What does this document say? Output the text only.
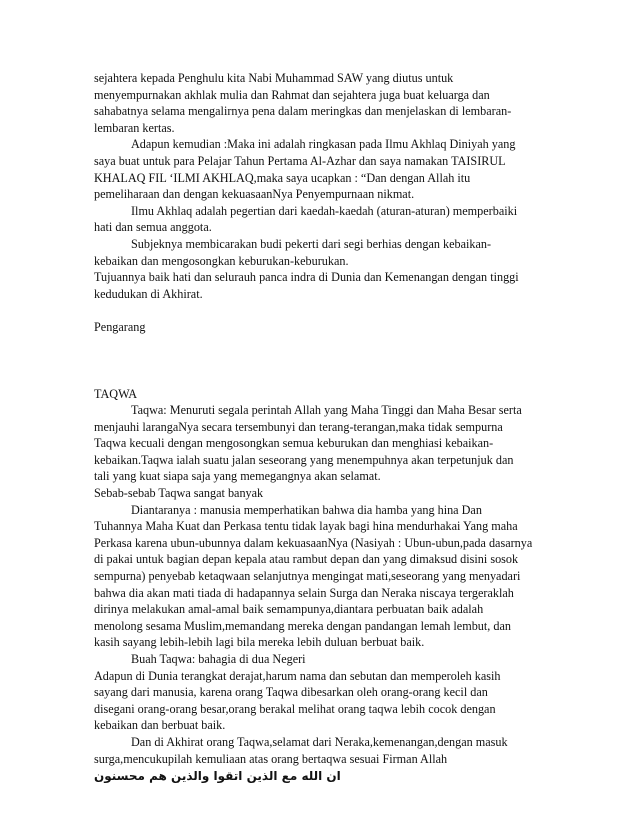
sejahtera kepada Penghulu kita Nabi Muhammad SAW yang diutus untuk

menyempurnakan akhlak mulia dan Rahmat dan sejahtera juga buat keluarga dan

sahabatnya selama mengalirnya pena dalam meringkas dan menjelaskan di lembaran-

lembaran kertas.

Adapun kemudian :Maka ini adalah ringkasan pada Ilmu Akhlaq Diniyah yang

saya buat untuk para Pelajar Tahun Pertama Al-Azhar dan saya namakan TAISIRUL

KHALAQ FIL ‘ILMI AKHLAQ,maka saya ucapkan : “Dan dengan Allah itu

pemeliharaan dan dengan kekuasaanNya Penyempurnaan nikmat.

Ilmu Akhlaq adalah pegertian dari kaedah-kaedah (aturan-aturan) memperbaiki

hati dan semua anggota.

Subjeknya membicarakan budi pekerti dari segi berhias dengan kebaikan-

kebaikan dan mengosongkan keburukan-keburukan.

Tujuannya baik hati dan selurauh panca indra di Dunia dan Kemenangan dengan tinggi

kedudukan di Akhirat.

Pengarang

TAQWA

Taqwa: Menuruti segala perintah Allah yang Maha Tinggi dan Maha Besar serta

menjauhi larangaNya secara tersembunyi dan terang-terangan,maka tidak sempurna

Taqwa kecuali dengan mengosongkan semua keburukan dan menghiasi kebaikan-

kebaikan.Taqwa ialah suatu jalan seseorang yang menempuhnya akan terpetunjuk dan

tali yang kuat siapa saja yang memegangnya akan selamat.

Sebab-sebab Taqwa sangat banyak

Diantaranya : manusia memperhatikan bahwa dia hamba yang hina Dan

Tuhannya Maha Kuat dan Perkasa tentu tidak layak bagi hina mendurhakai Yang maha

Perkasa karena ubun-ubunnya dalam kekuasaanNya (Nasiyah : Ubun-ubun,pada dasarnya

di pakai untuk bagian depan kepala atau rambut depan dan yang dimaksud disini sosok

sempurna) penyebab ketaqwaan selanjutnya mengingat mati,seseorang yang menyadari

bahwa dia akan mati tiada di hadapannya selain Surga dan Neraka niscaya tergeraklah

dirinya melakukan amal-amal baik semampunya,diantara perbuatan baik adalah

menolong sesama Muslim,memandang mereka dengan pandangan lemah lembut, dan

kasih sayang lebih-lebih lagi bila mereka lebih duluan berbuat baik.

Buah Taqwa: bahagia di dua Negeri

Adapun di Dunia terangkat derajat,harum nama dan sebutan dan memperoleh kasih

sayang dari manusia, karena orang Taqwa dibesarkan oleh orang-orang kecil dan

disegani orang-orang besar,orang berakal melihat orang taqwa lebih cocok dengan

kebaikan dan berbuat baik.

Dan di Akhirat orang Taqwa,selamat dari Neraka,kemenangan,dengan masuk

surga,mencukupilah kemuliaan atas orang bertaqwa sesuai Firman Allah

ان الله مع الذين اتقوا والذين هم محسنون
